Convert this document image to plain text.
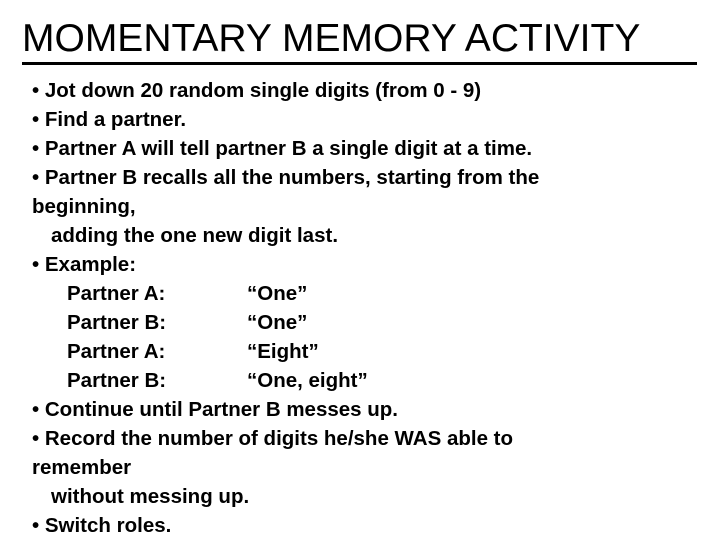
MOMENTARY MEMORY ACTIVITY
• Jot down 20 random single digits (from 0 - 9)
• Find a partner.
• Partner A will tell partner B a single digit at a time.
• Partner B recalls all the numbers, starting from the
beginning,
adding the one new digit last.
• Example:
Partner A:	“One”
Partner B:	“One”
Partner A:	“Eight”
Partner B:	“One, eight”
• Continue until Partner B messes up.
• Record the number of digits he/she WAS able to
remember
without messing up.
• Switch roles.
